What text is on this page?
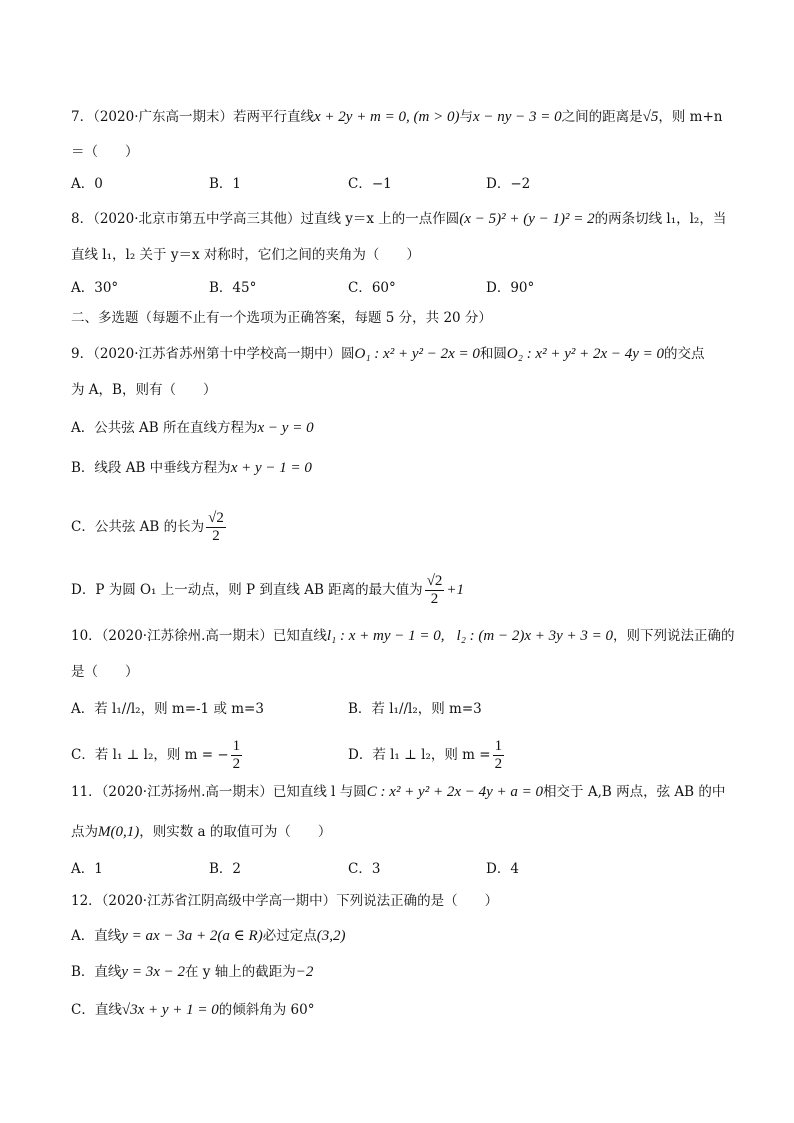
7．（2020·广东高一期末）若两平行直线x + 2y + m = 0, (m > 0)与x − ny − 3 = 0之间的距离是√5，则 m+n
＝（　　）
A．0	B．1	C．−1	D．−2
8．（2020·北京市第五中学高三其他）过直线 y＝x 上的一点作圆(x − 5)² + (y − 1)² = 2的两条切线 l₁，l₂，当
直线 l₁，l₂ 关于 y＝x 对称时，它们之间的夹角为（　　）
A．30°	B．45°	C．60°	D．90°
二、多选题（每题不止有一个选项为正确答案，每题 5 分，共 20 分）
9．（2020·江苏省苏州第十中学校高一期中）圆O₁ : x² + y² − 2x = 0和圆O₂ : x² + y² + 2x − 4y = 0的交点
为 A，B，则有（　　）
A．公共弦 AB 所在直线方程为x − y = 0
B．线段 AB 中垂线方程为x + y − 1 = 0
C．公共弦 AB 的长为 $\frac{√2}{2}$
D．P 为圆 O₁ 上一动点，则 P 到直线 AB 距离的最大值为 $\frac{√2}{2} +1$
10．（2020·江苏徐州.高一期末）已知直线l₁ : x + my − 1 = 0, l₂ : (m − 2)x + 3y + 3 = 0，则下列说法正确的
是（　　）
A．若 l₁//l₂，则 m=-1 或 m=3	B．若 l₁//l₂，则 m=3
C．若 l₁ ⊥ l₂，则 m = − $\frac{1}{2}$	D．若 l₁ ⊥ l₂，则 $m = \frac{1}{2}$
11．（2020·江苏扬州.高一期末）已知直线 l 与圆C : x² + y² + 2x − 4y + a = 0相交于 A,B 两点，弦 AB 的中
点为M(0,1)，则实数 a 的取值可为（　　）
A．1	B．2	C．3	D．4
12．（2020·江苏省江阴高级中学高一期中）下列说法正确的是（　　）
A．直线y = ax − 3a + 2(a ∈ R)必过定点(3,2)
B．直线y = 3x − 2在 y 轴上的截距为−2
C．直线√3x + y + 1 = 0的倾斜角为 60°
